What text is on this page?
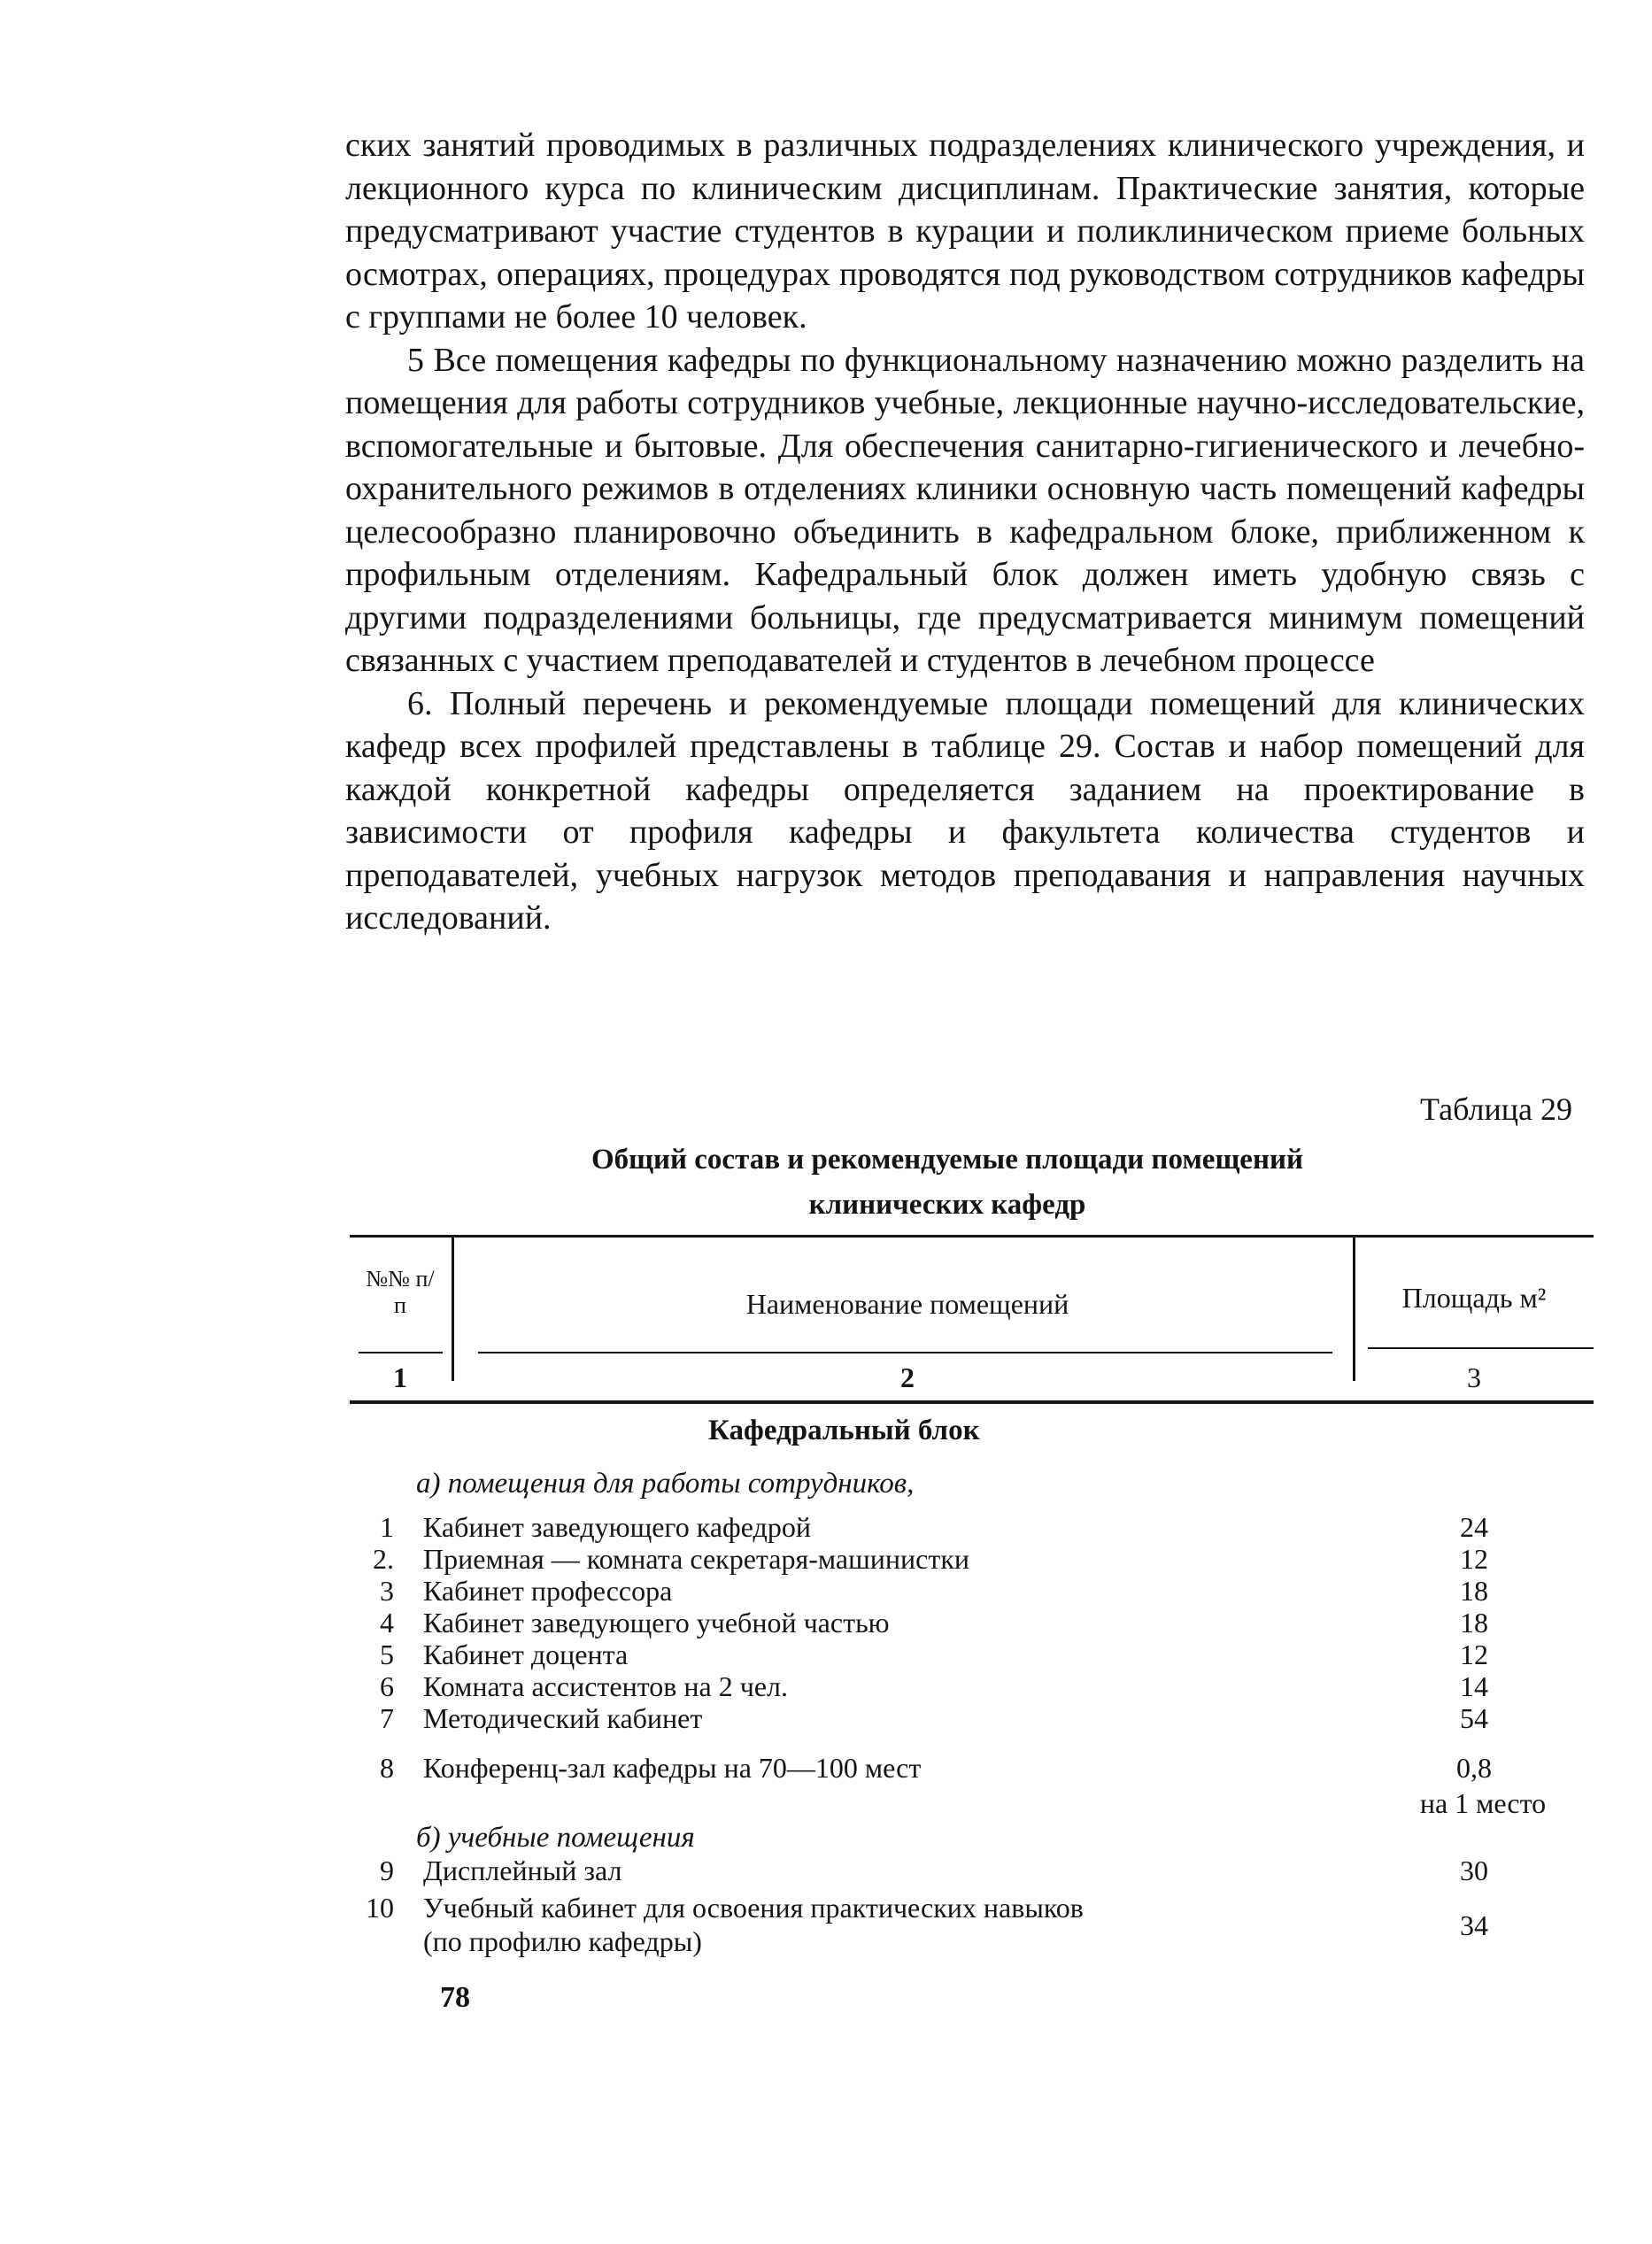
ских занятий проводимых в различных подразделениях клинического учреждения, и лекционного курса по клиническим дисциплинам. Практические занятия, которые предусматривают участие студентов в курации и поликлиническом приеме больных осмотрах, операциях, процедурах проводятся под руководством сотрудников кафедры с группами не более 10 человек.

5 Все помещения кафедры по функциональному назначению можно разделить на помещения для работы сотрудников учебные, лекционные научно-исследовательские, вспомогательные и бытовые. Для обеспечения санитарно-гигиенического и лечебно-охранительного режимов в отделениях клиники основную часть помещений кафедры целесообразно планировочно объединить в кафедральном блоке, приближенном к профильным отделениям. Кафедральный блок должен иметь удобную связь с другими подразделениями больницы, где предусматривается минимум помещений связанных с участием преподавателей и студентов в лечебном процессе

6. Полный перечень и рекомендуемые площади помещений для клинических кафедр всех профилей представлены в таблице 29. Состав и набор помещений для каждой конкретной кафедры определяется заданием на проектирование в зависимости от профиля кафедры и факультета количества студентов и преподавателей, учебных нагрузок методов преподавания и направления научных исследований.

Таблица 29
Общий состав и рекомендуемые площади помещений
клинических кафедр
№№ п/п	Наименование помещений	Площадь м²
1	2	3
Кафедральный блок
а) помещения для работы сотрудников,
1 Кабинет заведующего кафедрой	24
2. Приемная — комната секретаря-машинистки	12
3 Кабинет профессора	18
4 Кабинет заведующего учебной частью	18
5 Кабинет доцента	12
6 Комната ассистентов на 2 чел.	14
7 Методический кабинет	54
8 Конференц-зал кафедры на 70—100 мест	0,8
на 1 место
б) учебные помещения
9 Дисплейный зал	30
10 Учебный кабинет для освоения практических навыков
(по профилю кафедры)	34
78
